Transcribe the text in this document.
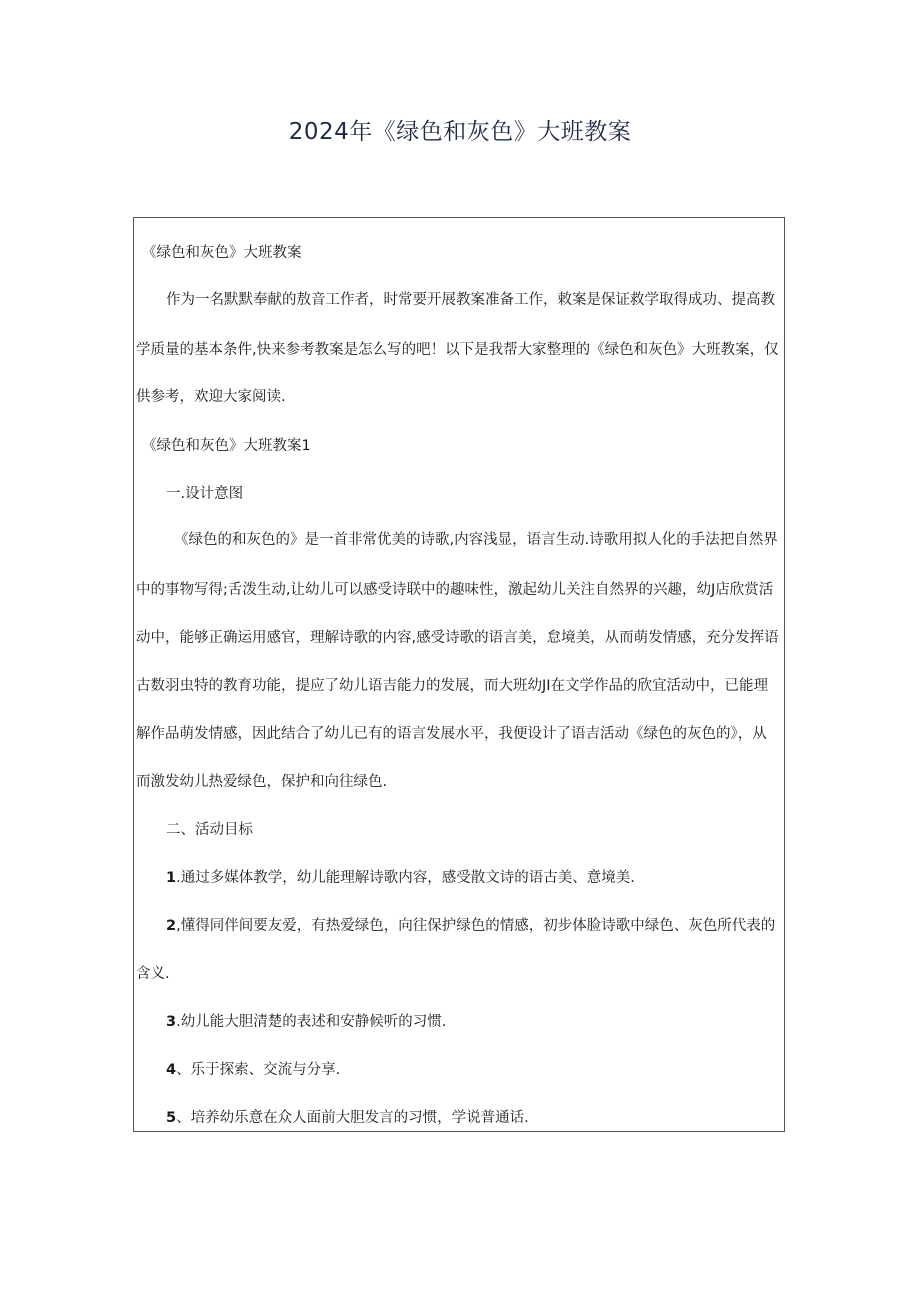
2024年《绿色和灰色》大班教案
《绿色和灰色》大班教案
作为一名默默奉献的敖音工作者，时常要开展教案准备工作，敕案是保证救学取得成功、提高教
学质量的基本条件,快来参考教案是怎么写的吧！以下是我帮大家整理的《绿色和灰色》大班教案，仅
供参考，欢迎大家阅读.
《绿色和灰色》大班教案1
一.设计意图
《绿色的和灰色的》是一首非常优美的诗歌,内容浅显，语言生动.诗歌用拟人化的手法把自然界
中的事物写得;舌泼生动,让幼儿可以感受诗联中的趣味性，激起幼儿关注自然界的兴趣，幼J店欣赏活
动中，能够正确运用感官，理解诗歌的内容,感受诗歌的语言美，怠境美，从而萌发情感，充分发挥语
古数羽虫特的教育功能，提应了幼儿语吉能力的发展，而大班幼JI在文学作品的欣宜活动中，已能理
解作品萌发情感，因此结合了幼儿已有的语言发展水平，我便设计了语吉活动《绿色的灰色的》，从
而激发幼儿热爱绿色，保护和向往绿色.
二、活动目标
1.通过多媒体教学，幼儿能理解诗歌内容，感受散文诗的语古美、意境美.
2,懂得同伴间要友爱，有热爱绿色，向往保护绿色的情感，初步体脸诗歌中绿色、灰色所代表的
含义.
3.幼儿能大胆清楚的表述和安静候听的习惯.
4、乐于探索、交流与分享.
5、培养幼乐意在众人面前大胆发言的习惯，学说普通话.
